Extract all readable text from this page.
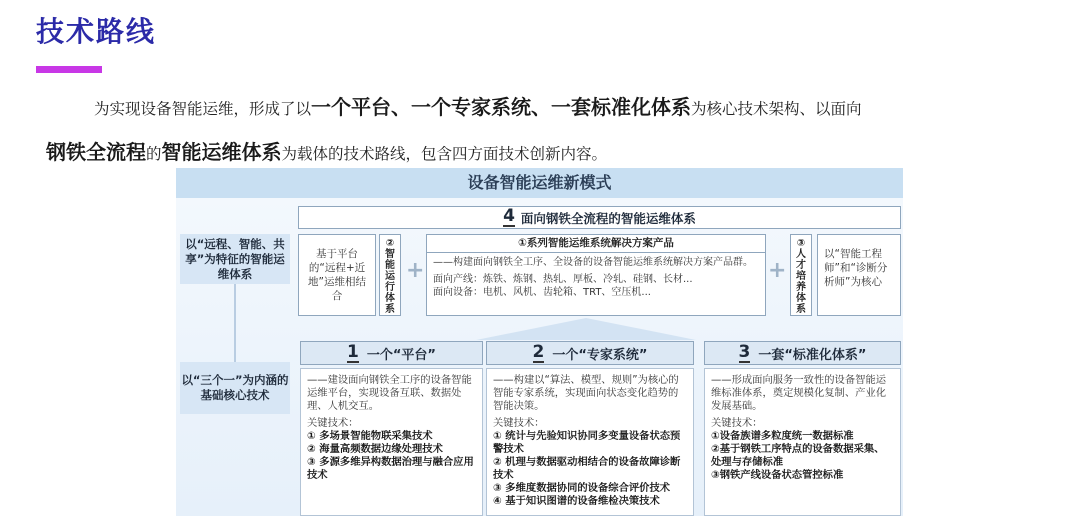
技术路线
为实现设备智能运维，形成了以一个平台、一个专家系统、一套标准化体系为核心技术架构、以面向
钢铁全流程的智能运维体系为载体的技术路线，包含四方面技术创新内容。
设备智能运维新模式
以“远程、智能、共享”为特征的智能运维体系
以“三个一”为内涵的基础核心技术
4 面向钢铁全流程的智能运维体系
基于平台的“远程+近地”运维相结合
②智能运行体系
+
①系列智能运维系统解决方案产品
——构建面向钢铁全工序、全设备的设备智能运维系统解决方案产品群。
面向产线：炼铁、炼钢、热轧、厚板、冷轧、硅钢、长材...
面向设备：电机、风机、齿轮箱、TRT、空压机...
+
③人才培养体系
以“智能工程师”和“诊断分析师”为核心
1 一个“平台”
——建设面向钢铁全工序的设备智能运维平台，实现设备互联、数据处理、人机交互。
关键技术：
① 多场景智能物联采集技术
② 海量高频数据边缘处理技术
③ 多源多维异构数据治理与融合应用技术
2 一个“专家系统”
——构建以“算法、模型、规则”为核心的智能专家系统，实现面向状态变化趋势的智能决策。
关键技术：
① 统计与先验知识协同多变量设备状态预警技术
② 机理与数据驱动相结合的设备故障诊断技术
③ 多维度数据协同的设备综合评价技术
④ 基于知识图谱的设备维检决策技术
3 一套“标准化体系”
——形成面向服务一致性的设备智能运维标准体系，奠定规模化复制、产业化发展基础。
关键技术：
①设备族谱多粒度统一数据标准
②基于钢铁工序特点的设备数据采集、处理与存储标准
③钢铁产线设备状态管控标准
